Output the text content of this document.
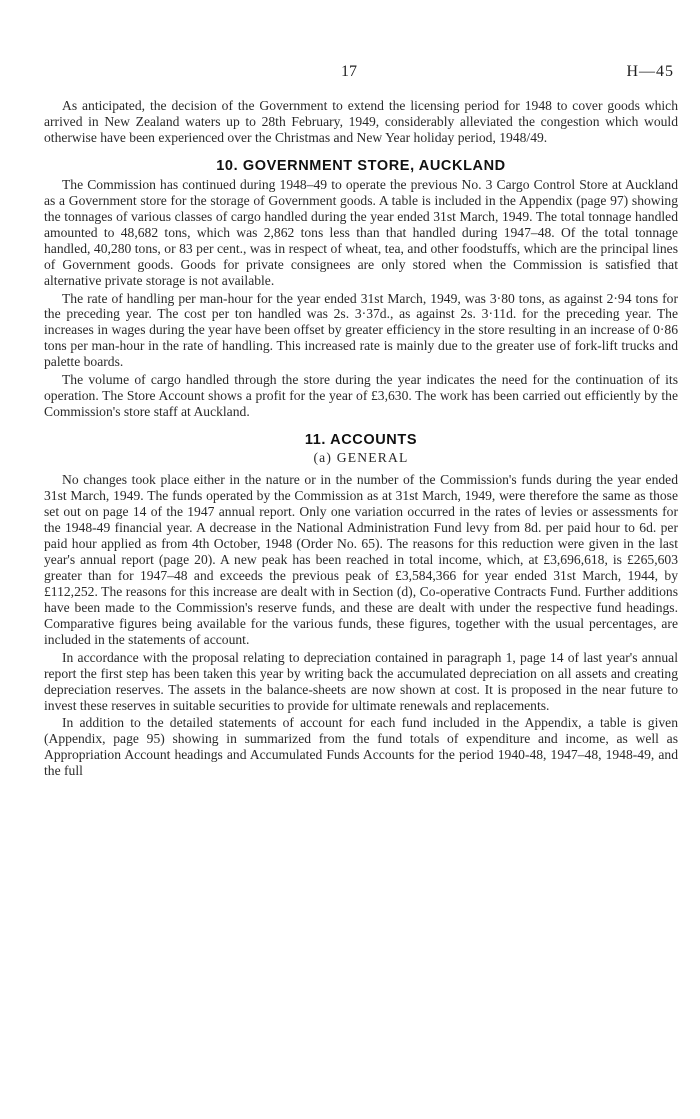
17	H—45

As anticipated, the decision of the Government to extend the licensing period for 1948 to cover goods which arrived in New Zealand waters up to 28th February, 1949, considerably alleviated the congestion which would otherwise have been experienced over the Christmas and New Year holiday period, 1948/49.

10. GOVERNMENT STORE, AUCKLAND

The Commission has continued during 1948–49 to operate the previous No. 3 Cargo Control Store at Auckland as a Government store for the storage of Government goods. A table is included in the Appendix (page 97) showing the tonnages of various classes of cargo handled during the year ended 31st March, 1949. The total tonnage handled amounted to 48,682 tons, which was 2,862 tons less than that handled during 1947–48. Of the total tonnage handled, 40,280 tons, or 83 per cent., was in respect of wheat, tea, and other foodstuffs, which are the principal lines of Government goods. Goods for private consignees are only stored when the Commission is satisfied that alternative private storage is not available.

The rate of handling per man-hour for the year ended 31st March, 1949, was 3·80 tons, as against 2·94 tons for the preceding year. The cost per ton handled was 2s. 3·37d., as against 2s. 3·11d. for the preceding year. The increases in wages during the year have been offset by greater efficiency in the store resulting in an increase of 0·86 tons per man-hour in the rate of handling. This increased rate is mainly due to the greater use of fork-lift trucks and palette boards.

The volume of cargo handled through the store during the year indicates the need for the continuation of its operation. The Store Account shows a profit for the year of £3,630. The work has been carried out efficiently by the Commission's store staff at Auckland.

11. ACCOUNTS
(a) GENERAL

No changes took place either in the nature or in the number of the Commission's funds during the year ended 31st March, 1949. The funds operated by the Commission as at 31st March, 1949, were therefore the same as those set out on page 14 of the 1947 annual report. Only one variation occurred in the rates of levies or assessments for the 1948-49 financial year. A decrease in the National Administration Fund levy from 8d. per paid hour to 6d. per paid hour applied as from 4th October, 1948 (Order No. 65). The reasons for this reduction were given in the last year's annual report (page 20). A new peak has been reached in total income, which, at £3,696,618, is £265,603 greater than for 1947–48 and exceeds the previous peak of £3,584,366 for year ended 31st March, 1944, by £112,252. The reasons for this increase are dealt with in Section (d), Co-operative Contracts Fund. Further additions have been made to the Commission's reserve funds, and these are dealt with under the respective fund headings. Comparative figures being available for the various funds, these figures, together with the usual percentages, are included in the statements of account.

In accordance with the proposal relating to depreciation contained in paragraph 1, page 14 of last year's annual report the first step has been taken this year by writing back the accumulated depreciation on all assets and creating depreciation reserves. The assets in the balance-sheets are now shown at cost. It is proposed in the near future to invest these reserves in suitable securities to provide for ultimate renewals and replacements.

In addition to the detailed statements of account for each fund included in the Appendix, a table is given (Appendix, page 95) showing in summarized from the fund totals of expenditure and income, as well as Appropriation Account headings and Accumulated Funds Accounts for the period 1940-48, 1947–48, 1948-49, and the full
